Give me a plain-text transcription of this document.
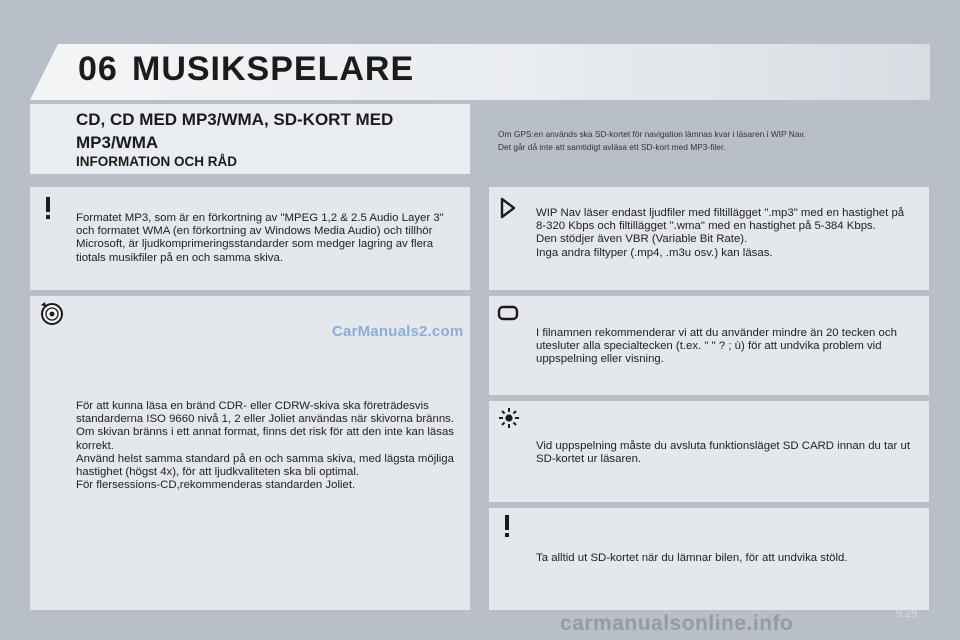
06 MUSIKSPELARE
CD, CD MED MP3/WMA, SD-KORT MED MP3/WMA
INFORMATION OCH RÅD
Om GPS:en används ska SD-kortet för navigation lämnas kvar i läsaren i WIP Nav.
Det går då inte att samtidigt avläsa ett SD-kort med MP3-filer.
Formatet MP3, som är en förkortning av "MPEG 1,2 & 2.5 Audio Layer 3" och formatet WMA (en förkortning av Windows Media Audio) och tillhör Microsoft, är ljudkomprimeringsstandarder som medger lagring av flera tiotals musikfiler på en och samma skiva.
CarManuals2.com
För att kunna läsa en bränd CDR- eller CDRW-skiva ska företrädesvis standarderna ISO 9660 nivå 1, 2 eller Joliet användas när skivorna bränns.
Om skivan bränns i ett annat format, finns det risk för att den inte kan läsas korrekt.
Använd helst samma standard på en och samma skiva, med lägsta möjliga hastighet (högst 4x), för att ljudkvaliteten ska bli optimal.
För flersessions-CD,rekommenderas standarden Joliet.
WIP Nav läser endast ljudfiler med filtillägget ".mp3" med en hastighet på 8-320 Kbps och filtillägget ".wma" med en hastighet på 5-384 Kbps.
Den stödjer även VBR (Variable Bit Rate).
Inga andra filtyper (.mp4, .m3u osv.) kan läsas.
I filnamnen rekommenderar vi att du använder mindre än 20 tecken och utesluter alla specialtecken (t.ex. " " ? ; ù) för att undvika problem vid uppspelning eller visning.
Vid uppspelning måste du avsluta funktionsläget SD CARD innan du tar ut SD-kortet ur läsaren.
Ta alltid ut SD-kortet när du lämnar bilen, för att undvika stöld.
carmanualsonline.info	9.29
